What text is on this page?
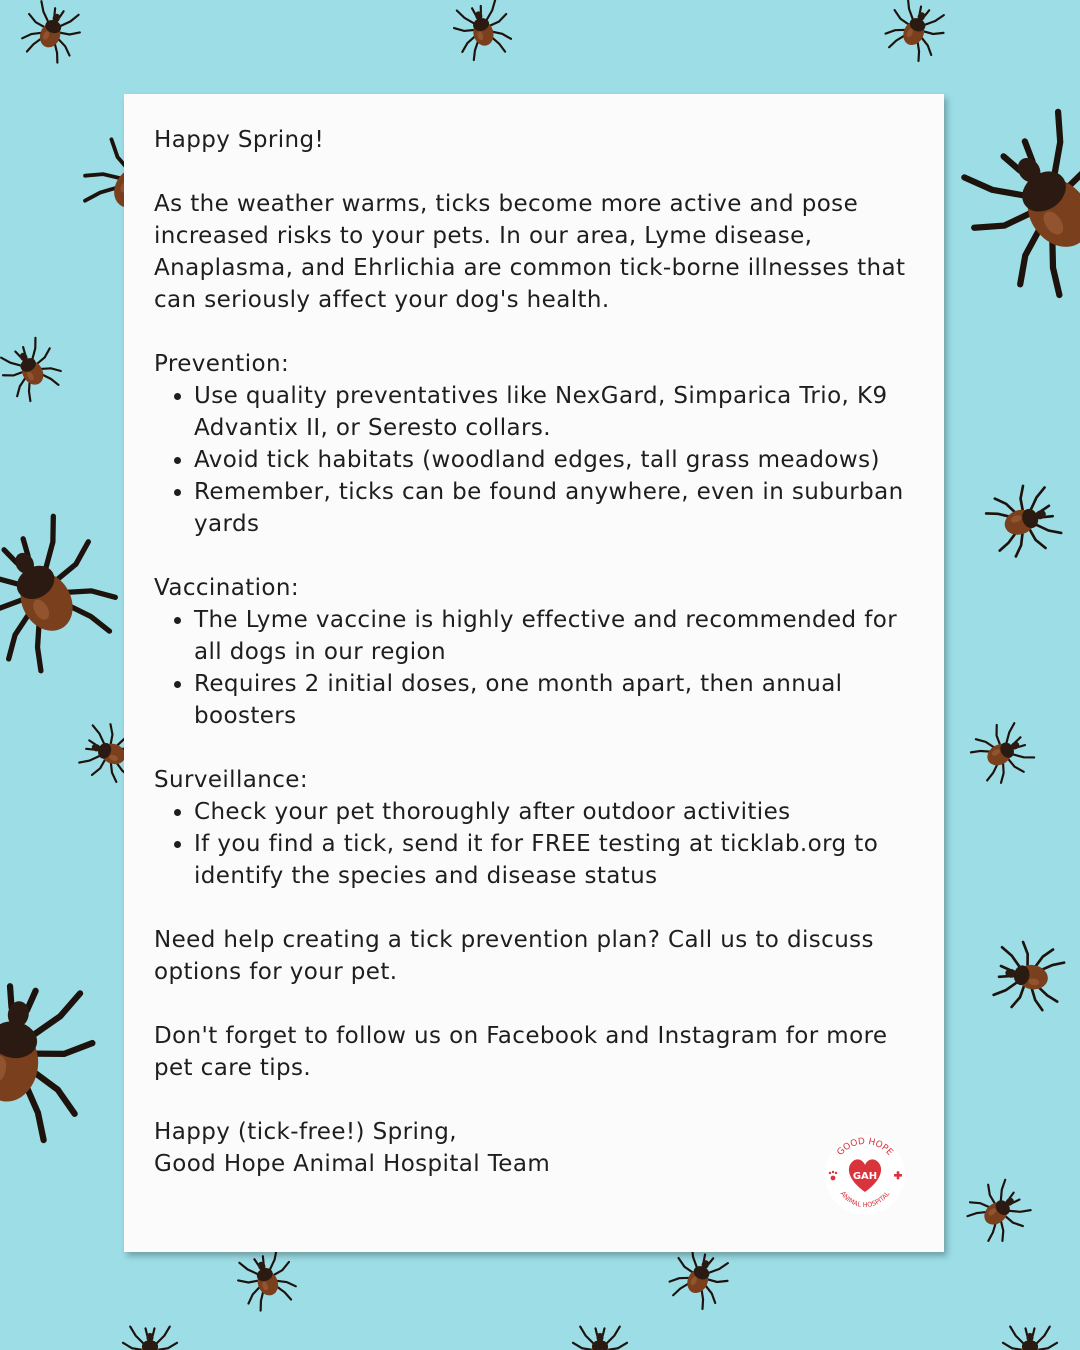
Happy Spring!

As the weather warms, ticks become more active and pose increased risks to your pets. In our area, Lyme disease, Anaplasma, and Ehrlichia are common tick-borne illnesses that can seriously affect your dog's health.

Prevention:

• Use quality preventatives like NexGard, Simparica Trio, K9 Advantix II, or Seresto collars.
• Avoid tick habitats (woodland edges, tall grass meadows)
• Remember, ticks can be found anywhere, even in suburban yards

Vaccination:

• The Lyme vaccine is highly effective and recommended for all dogs in our region
• Requires 2 initial doses, one month apart, then annual boosters

Surveillance:

• Check your pet thoroughly after outdoor activities
• If you find a tick, send it for FREE testing at ticklab.org to identify the species and disease status

Need help creating a tick prevention plan? Call us to discuss options for your pet.

Don't forget to follow us on Facebook and Instagram for more pet care tips.

Happy (tick-free!) Spring,

Good Hope Animal Hospital Team	GOOD HOPE
ANIMAL HOSPITAL
GAH
